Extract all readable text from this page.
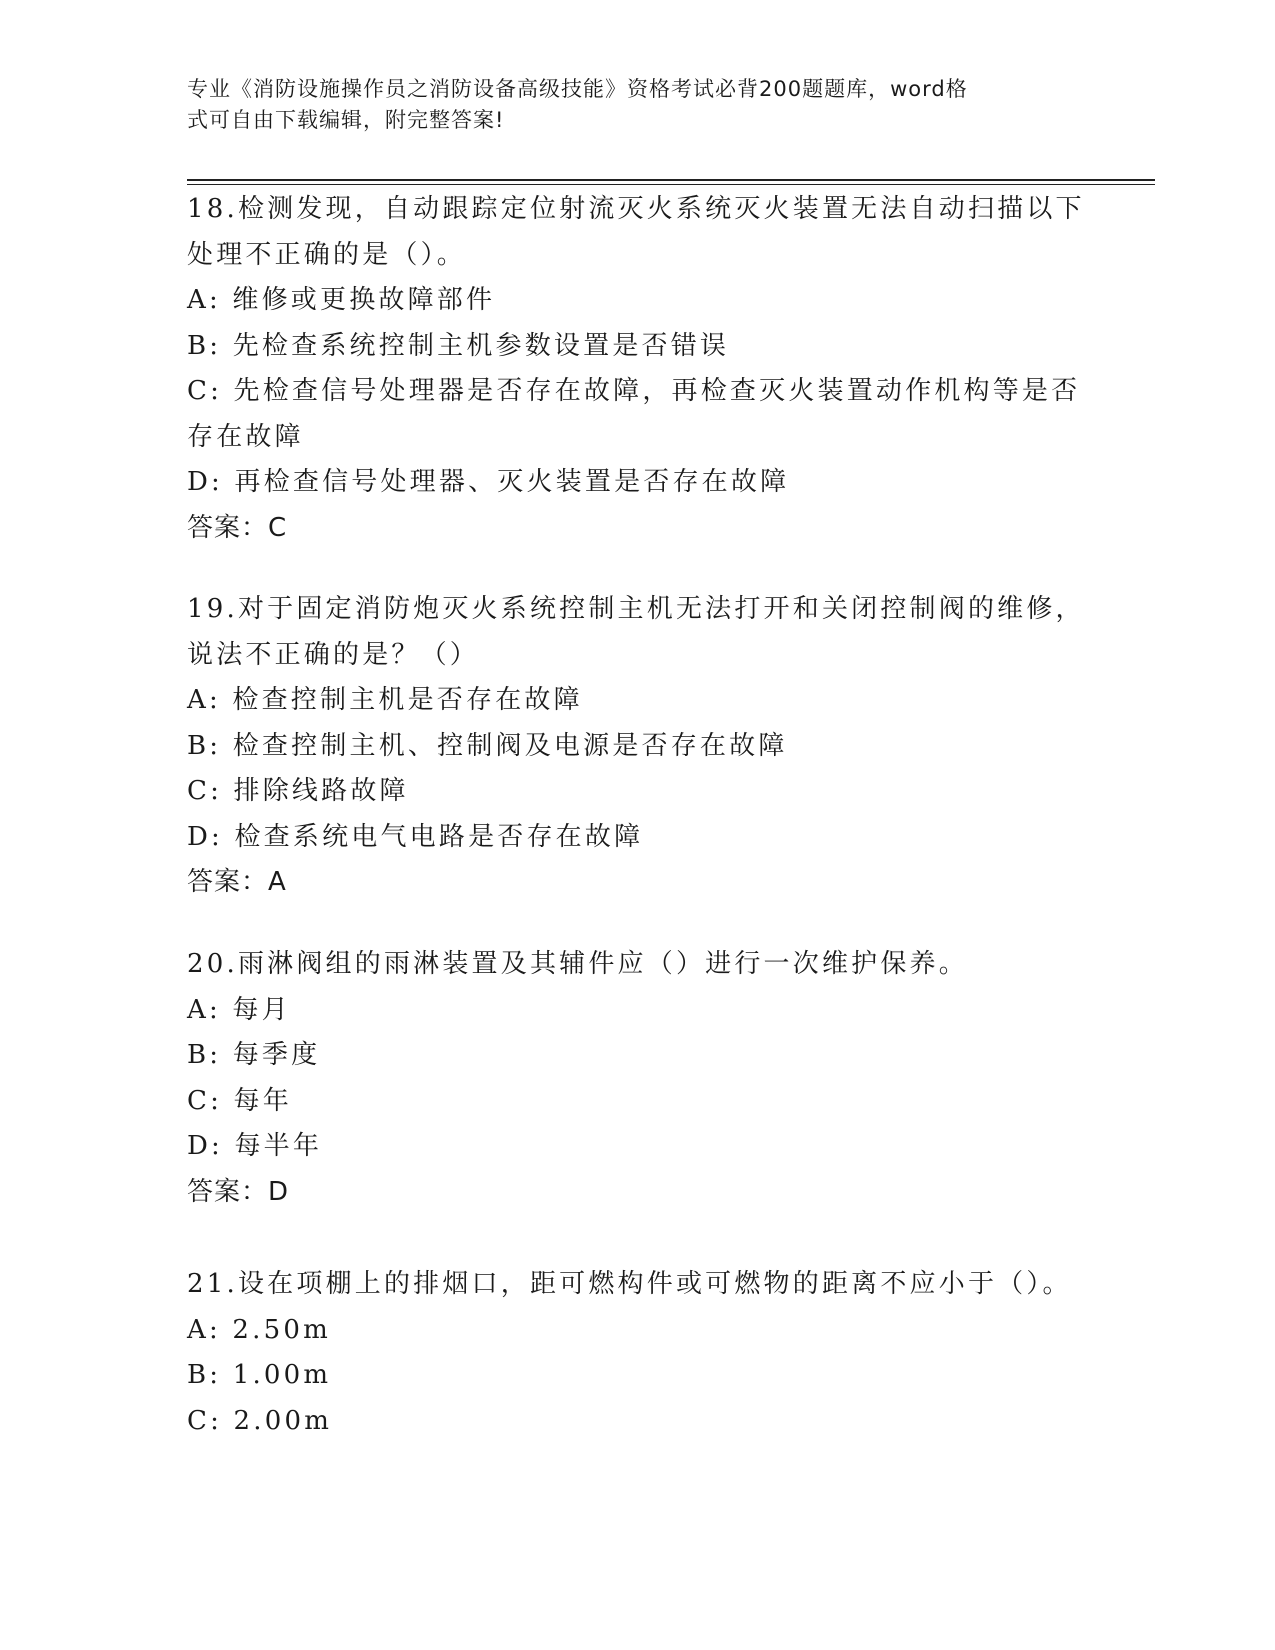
专业《消防设施操作员之消防设备高级技能》资格考试必背200题题库，word格
式可自由下载编辑，附完整答案!
18.检测发现，自动跟踪定位射流灭火系统灭火装置无法自动扫描以下
处理不正确的是（）。
A: 维修或更换故障部件
B: 先检查系统控制主机参数设置是否错误
C: 先检查信号处理器是否存在故障，再检查灭火装置动作机构等是否
存在故障
D: 再检查信号处理器、灭火装置是否存在故障
答案：C
19.对于固定消防炮灭火系统控制主机无法打开和关闭控制阀的维修，
说法不正确的是？（）
A: 检查控制主机是否存在故障
B: 检查控制主机、控制阀及电源是否存在故障
C: 排除线路故障
D: 检查系统电气电路是否存在故障
答案：A
20.雨淋阀组的雨淋装置及其辅件应（）进行一次维护保养。
A: 每月
B: 每季度
C: 每年
D: 每半年
答案：D
21.设在项棚上的排烟口，距可燃构件或可燃物的距离不应小于（）。
A: 2.50m
B: 1.00m
C: 2.00m
